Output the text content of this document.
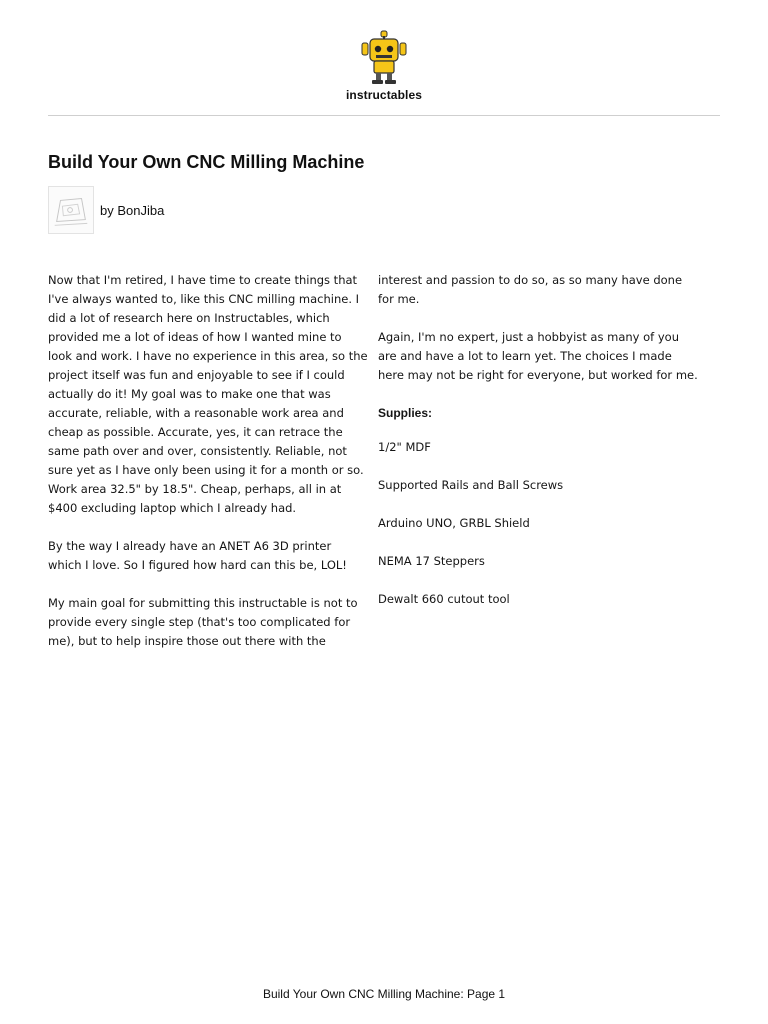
instructables
Build Your Own CNC Milling Machine
by BonJiba

Now that I'm retired, I have time to create things that I've always wanted to, like this CNC milling machine. I did a lot of research here on Instructables, which provided me a lot of ideas of how I wanted mine to look and work. I have no experience in this area, so the project itself was fun and enjoyable to see if I could actually do it! My goal was to make one that was accurate, reliable, with a reasonable work area and cheap as possible. Accurate, yes, it can retrace the same path over and over, consistently. Reliable, not sure yet as I have only been using it for a month or so. Work area 32.5" by 18.5". Cheap, perhaps, all in at $400 excluding laptop which I already had.

By the way I already have an ANET A6 3D printer which I love. So I figured how hard can this be, LOL!

My main goal for submitting this instructable is not to provide every single step (that's too complicated for me), but to help inspire those out there with the

interest and passion to do so, as so many have done for me.

Again, I'm no expert, just a hobbyist as many of you are and have a lot to learn yet. The choices I made here may not be right for everyone, but worked for me.

Supplies:
1/2" MDF
Supported Rails and Ball Screws
Arduino UNO, GRBL Shield
NEMA 17 Steppers
Dewalt 660 cutout tool
Build Your Own CNC Milling Machine: Page 1
